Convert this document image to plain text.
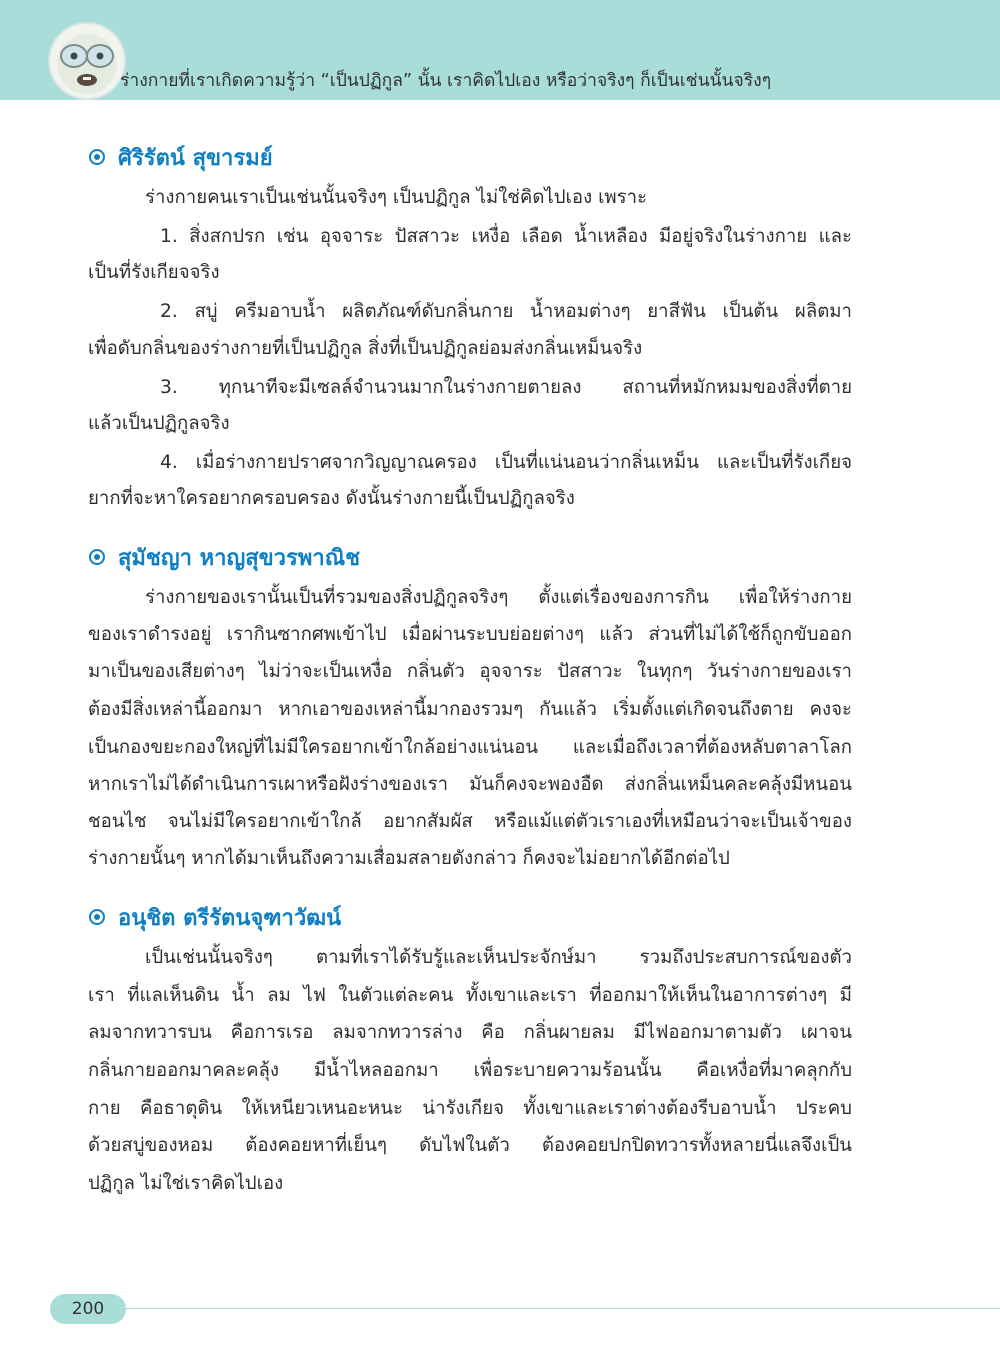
ร่างกายที่เราเกิดความรู้ว่า “เป็นปฏิกูล” นั้น เราคิดไปเอง หรือว่าจริงๆ ก็เป็นเช่นนั้นจริงๆ
ศิริรัตน์ สุขารมย์
ร่างกายคนเราเป็นเช่นนั้นจริงๆ เป็นปฏิกูล ไม่ใช่คิดไปเอง เพราะ
1. สิ่งสกปรก เช่น อุจจาระ ปัสสาวะ เหงื่อ เลือด น้ำเหลือง มีอยู่จริงในร่างกาย และ
เป็นที่รังเกียจจริง
2. สบู่ ครีมอาบน้ำ ผลิตภัณฑ์ดับกลิ่นกาย น้ำหอมต่างๆ ยาสีฟัน เป็นต้น ผลิตมา
เพื่อดับกลิ่นของร่างกายที่เป็นปฏิกูล สิ่งที่เป็นปฏิกูลย่อมส่งกลิ่นเหม็นจริง
3. ทุกนาทีจะมีเซลล์จำนวนมากในร่างกายตายลง สถานที่หมักหมมของสิ่งที่ตาย
แล้วเป็นปฏิกูลจริง
4. เมื่อร่างกายปราศจากวิญญาณครอง เป็นที่แน่นอนว่ากลิ่นเหม็น และเป็นที่รังเกียจ
ยากที่จะหาใครอยากครอบครอง ดังนั้นร่างกายนี้เป็นปฏิกูลจริง
สุมัชญา หาญสุขวรพาณิช
ร่างกายของเรานั้นเป็นที่รวมของสิ่งปฏิกูลจริงๆ ตั้งแต่เรื่องของการกิน เพื่อให้ร่างกาย
ของเราดำรงอยู่ เรากินซากศพเข้าไป เมื่อผ่านระบบย่อยต่างๆ แล้ว ส่วนที่ไม่ได้ใช้ก็ถูกขับออก
มาเป็นของเสียต่างๆ ไม่ว่าจะเป็นเหงื่อ กลิ่นตัว อุจจาระ ปัสสาวะ ในทุกๆ วันร่างกายของเรา
ต้องมีสิ่งเหล่านี้ออกมา หากเอาของเหล่านี้มากองรวมๆ กันแล้ว เริ่มตั้งแต่เกิดจนถึงตาย คงจะ
เป็นกองขยะกองใหญ่ที่ไม่มีใครอยากเข้าใกล้อย่างแน่นอน และเมื่อถึงเวลาที่ต้องหลับตาลาโลก
หากเราไม่ได้ดำเนินการเผาหรือฝังร่างของเรา มันก็คงจะพองอืด ส่งกลิ่นเหม็นคละคลุ้งมีหนอน
ชอนไช จนไม่มีใครอยากเข้าใกล้ อยากสัมผัส หรือแม้แต่ตัวเราเองที่เหมือนว่าจะเป็นเจ้าของ
ร่างกายนั้นๆ หากได้มาเห็นถึงความเสื่อมสลายดังกล่าว ก็คงจะไม่อยากได้อีกต่อไป
อนุชิต ตรีรัตนจุฑาวัฒน์
เป็นเช่นนั้นจริงๆ ตามที่เราได้รับรู้และเห็นประจักษ์มา รวมถึงประสบการณ์ของตัว
เรา ที่แลเห็นดิน น้ำ ลม ไฟ ในตัวแต่ละคน ทั้งเขาและเรา ที่ออกมาให้เห็นในอาการต่างๆ มี
ลมจากทวารบน คือการเรอ ลมจากทวารล่าง คือ กลิ่นผายลม มีไฟออกมาตามตัว เผาจน
กลิ่นกายออกมาคละคลุ้ง มีน้ำไหลออกมา เพื่อระบายความร้อนนั้น คือเหงื่อที่มาคลุกกับ
กาย คือธาตุดิน ให้เหนียวเหนอะหนะ น่ารังเกียจ ทั้งเขาและเราต่างต้องรีบอาบน้ำ ประคบ
ด้วยสบู่ของหอม ต้องคอยหาที่เย็นๆ ดับไฟในตัว ต้องคอยปกปิดทวารทั้งหลายนี่แลจึงเป็น
ปฏิกูล ไม่ใช่เราคิดไปเอง
200
